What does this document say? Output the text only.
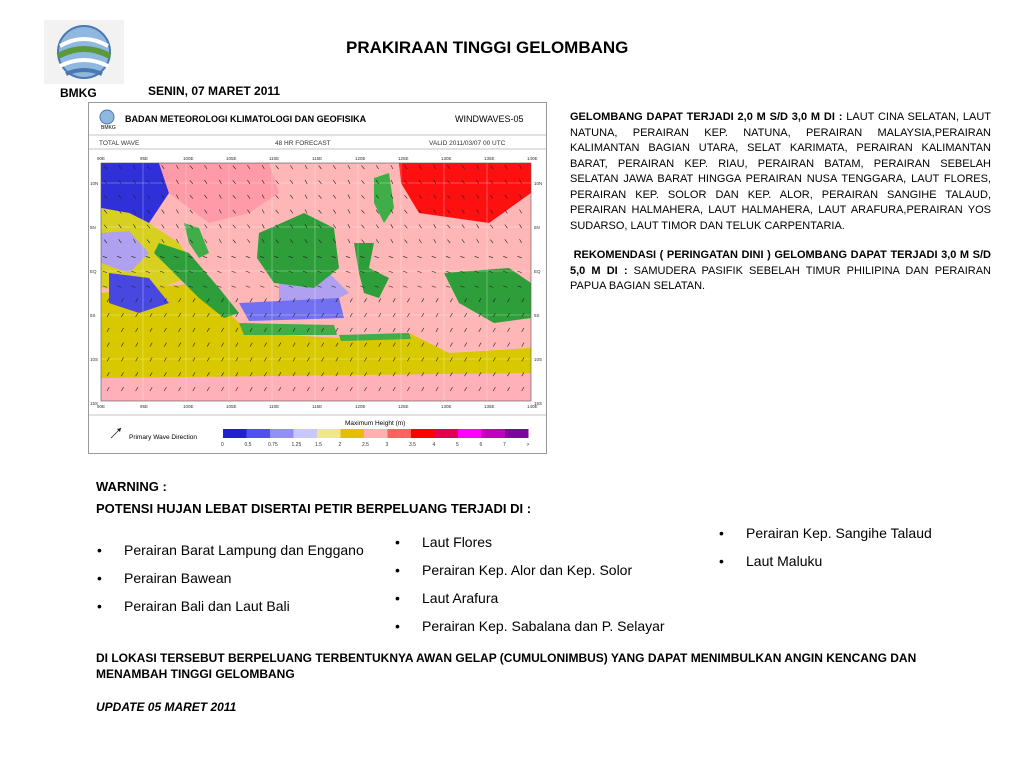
BMKG
PRAKIRAAN TINGGI GELOMBANG
SENIN, 07 MARET 2011
BMKG
BADAN METEOROLOGI KLIMATOLOGI DAN GEOFISIKA	WINDWAVES-05
TOTAL WAVE	48 HR FORECAST	VALID 2011/03/07 00 UTC
90E	95E	100E	105E	110E	115E	120E	125E	130E	135E	140E
90E	95E	100E	105E	110E	115E	120E	125E	130E	135E	140E
10N
5N
EQ
5S
10S
15S
10N
5N
EQ
5S
10S
15S
Primary Wave Direction
Maximum Height (m)
0	0.5	0.75	1.25	1.5	2	2.5	3	3.5	4	5	6	7	>

GELOMBANG DAPAT TERJADI 2,0 M S/D 3,0 M DI : LAUT CINA SELATAN, LAUT NATUNA, PERAIRAN KEP. NATUNA, PERAIRAN MALAYSIA,PERAIRAN KALIMANTAN BAGIAN UTARA, SELAT KARIMATA, PERAIRAN KALIMANTAN BARAT, PERAIRAN KEP. RIAU, PERAIRAN BATAM, PERAIRAN SEBELAH SELATAN JAWA BARAT HINGGA PERAIRAN NUSA TENGGARA, LAUT FLORES, PERAIRAN KEP. SOLOR DAN KEP. ALOR, PERAIRAN SANGIHE TALAUD, PERAIRAN HALMAHERA, LAUT HALMAHERA, LAUT ARAFURA,PERAIRAN YOS SUDARSO, LAUT TIMOR DAN TELUK CARPENTARIA.

REKOMENDASI ( PERINGATAN DINI ) GELOMBANG DAPAT TERJADI 3,0 M S/D 5,0 M DI : SAMUDERA PASIFIK SEBELAH TIMUR PHILIPINA DAN PERAIRAN PAPUA BAGIAN SELATAN.

WARNING :
POTENSI HUJAN LEBAT DISERTAI PETIR BERPELUANG TERJADI DI :
• Perairan Barat Lampung dan Enggano
• Perairan Bawean
• Perairan Bali dan Laut Bali
• Laut Flores
• Perairan Kep. Alor dan Kep. Solor
• Laut Arafura
• Perairan Kep. Sabalana dan P. Selayar
• Perairan Kep. Sangihe Talaud
• Laut Maluku
DI LOKASI TERSEBUT BERPELUANG TERBENTUKNYA AWAN GELAP (CUMULONIMBUS) YANG DAPAT MENIMBULKAN ANGIN KENCANG DAN MENAMBAH TINGGI GELOMBANG
UPDATE 05 MARET 2011
